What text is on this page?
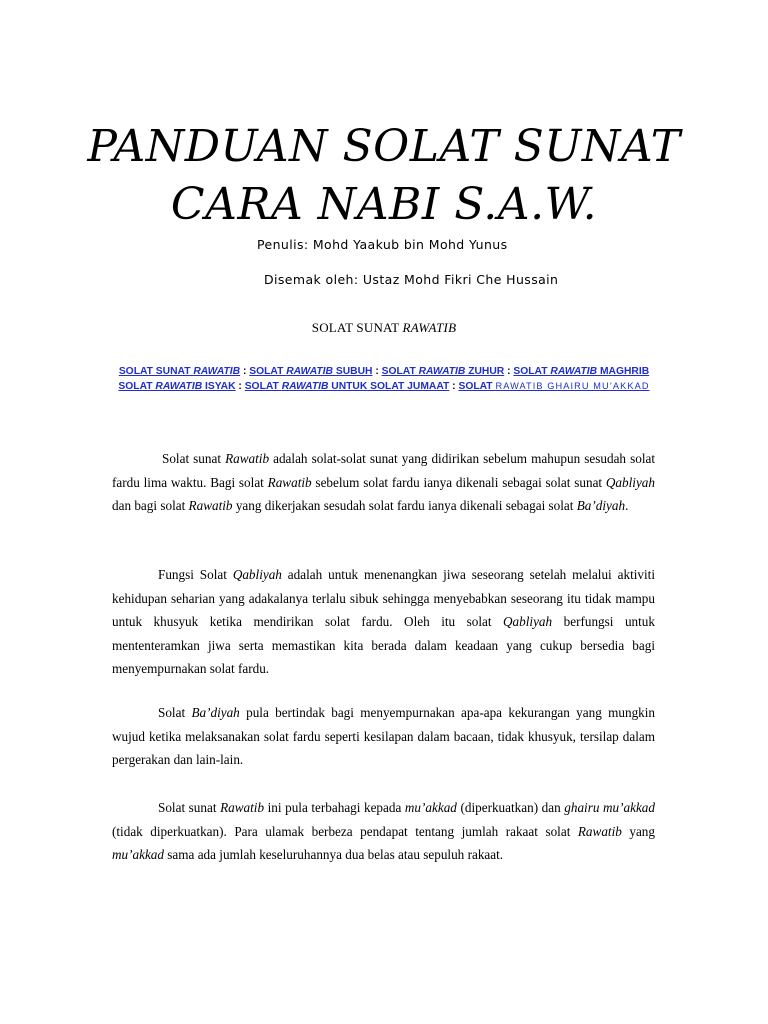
PANDUAN SOLAT SUNAT
CARA NABI S.A.W.
Penulis: Mohd Yaakub bin Mohd Yunus
Disemak oleh: Ustaz Mohd Fikri Che Hussain
SOLAT SUNAT RAWATIB
SOLAT SUNAT RAWATIB : SOLAT RAWATIB SUBUH : SOLAT RAWATIB ZUHUR : SOLAT RAWATIB MAGHRIB
SOLAT RAWATIB ISYAK : SOLAT RAWATIB UNTUK SOLAT JUMAAT : SOLAT RAWATIB GHAIRU MU’AKKAD

Solat sunat Rawatib adalah solat-solat sunat yang didirikan sebelum mahupun sesudah solat fardu lima waktu. Bagi solat Rawatib sebelum solat fardu ianya dikenali sebagai solat sunat Qabliyah dan bagi solat Rawatib yang dikerjakan sesudah solat fardu ianya dikenali sebagai solat Ba’diyah.

Fungsi Solat Qabliyah adalah untuk menenangkan jiwa seseorang setelah melalui aktiviti kehidupan seharian yang adakalanya terlalu sibuk sehingga menyebabkan seseorang itu tidak mampu untuk khusyuk ketika mendirikan solat fardu. Oleh itu solat Qabliyah berfungsi untuk mententeramkan jiwa serta memastikan kita berada dalam keadaan yang cukup bersedia bagi menyempurnakan solat fardu.

Solat Ba’diyah pula bertindak bagi menyempurnakan apa-apa kekurangan yang mungkin wujud ketika melaksanakan solat fardu seperti kesilapan dalam bacaan, tidak khusyuk, tersilap dalam pergerakan dan lain-lain.

Solat sunat Rawatib ini pula terbahagi kepada mu’akkad (diperkuatkan) dan ghairu mu’akkad (tidak diperkuatkan). Para ulamak berbeza pendapat tentang jumlah rakaat solat Rawatib yang mu’akkad sama ada jumlah keseluruhannya dua belas atau sepuluh rakaat.
